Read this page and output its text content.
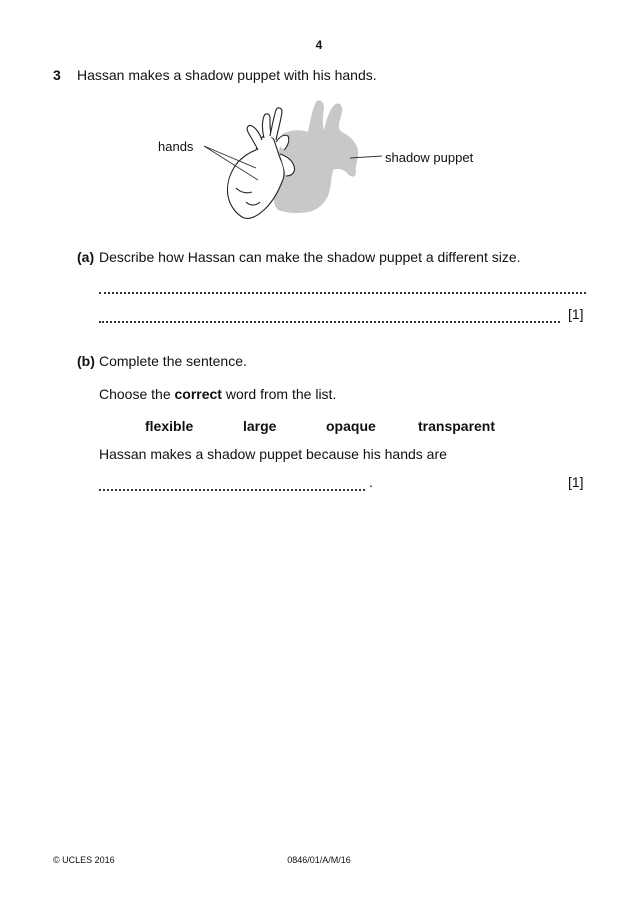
4
3 Hassan makes a shadow puppet with his hands.
hands
shadow puppet
(a) Describe how Hassan can make the shadow puppet a different size.
[1]
(b) Complete the sentence.
Choose the correct word from the list.
flexible	large	opaque	transparent
Hassan makes a shadow puppet because his hands are
.	[1]
© UCLES 2016	0846/01/A/M/16
